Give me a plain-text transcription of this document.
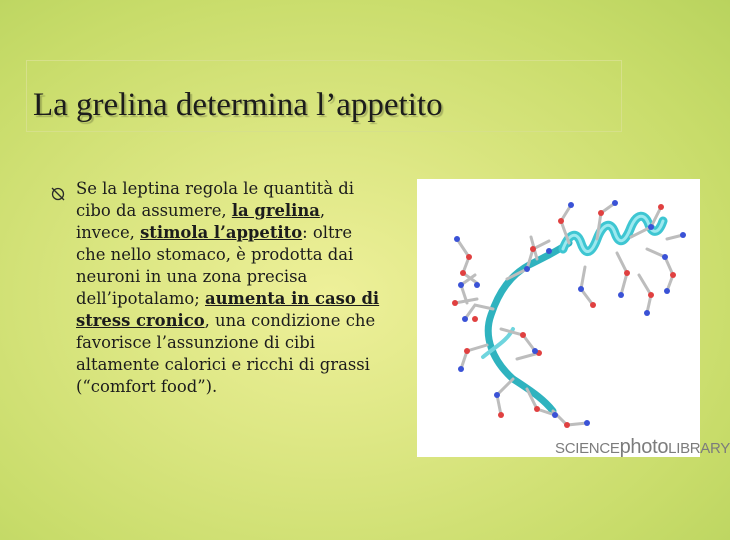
La grelina determina l’appetito
Se la leptina regola le quantità di cibo da assumere, la grelina, invece, stimola l’appetito: oltre che nello stomaco, è prodotta dai neuroni in una zona precisa dell’ipotalamo; aumenta in caso di stress cronico, una condizione che favorisce l’assunzione di cibi altamente calorici e ricchi di grassi (“comfort food”).
SCIENCEphotoLIBRARY
